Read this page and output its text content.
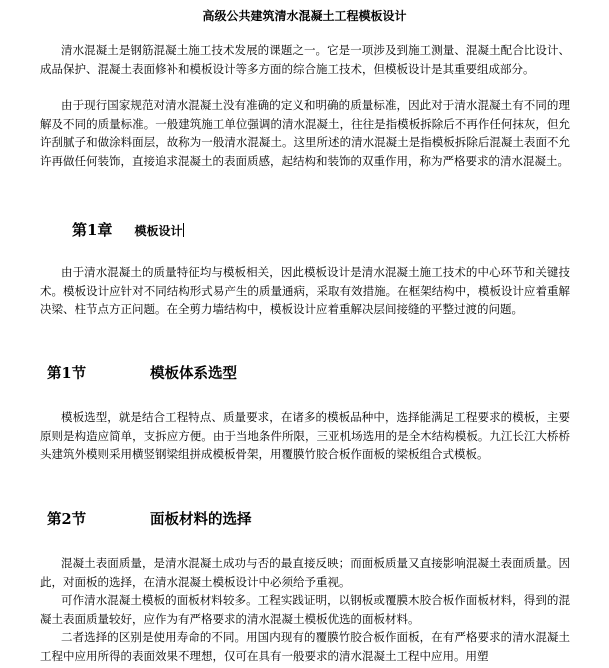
高级公共建筑清水混凝土工程模板设计

清水混凝土是钢筋混凝土施工技术发展的课题之一。它是一项涉及到施工测量、混凝土配合比设计、成品保护、混凝土表面修补和模板设计等多方面的综合施工技术，但模板设计是其重要组成部分。

由于现行国家规范对清水混凝土没有准确的定义和明确的质量标准，因此对于清水混凝土有不同的理解及不同的质量标准。一般建筑施工单位强调的清水混凝土，往往是指模板拆除后不再作任何抹灰，但允许刮腻子和做涂料面层，故称为一般清水混凝土。这里所述的清水混凝土是指模板拆除后混凝土表面不允许再做任何装饰，直接追求混凝土的表面质感，起结构和装饰的双重作用，称为严格要求的清水混凝土。

第1章 模板设计

由于清水混凝土的质量特征均与模板相关，因此模板设计是清水混凝土施工技术的中心环节和关键技术。模板设计应针对不同结构形式易产生的质量通病，采取有效措施。在框架结构中，模板设计应着重解决梁、柱节点方正问题。在全剪力墙结构中，模板设计应着重解决层间接缝的平整过渡的问题。

第1节	模板体系选型

模板选型，就是结合工程特点、质量要求，在诸多的模板品种中，选择能满足工程要求的模板，主要原则是构造应简单，支拆应方便。由于当地条件所限，三亚机场选用的是全木结构模板。九江长江大桥桥头建筑外模则采用横竖钢梁组拼成模板骨架，用覆膜竹胶合板作面板的梁板组合式模板。

第2节	面板材料的选择

混凝土表面质量，是清水混凝土成功与否的最直接反映；而面板质量又直接影响混凝土表面质量。因此，对面板的选择，在清水混凝土模板设计中必须给予重视。

可作清水混凝土模板的面板材料较多。工程实践证明，以钢板或覆膜木胶合板作面板材料，得到的混凝土表面质量较好，应作为有严格要求的清水混凝土模板优选的面板材料。

二者选择的区别是使用寿命的不同。用国内现有的覆膜竹胶合板作面板，在有严格要求的清水混凝土工程中应用所得的表面效果不理想，仅可在具有一般要求的清水混凝土工程中应用。用塑
